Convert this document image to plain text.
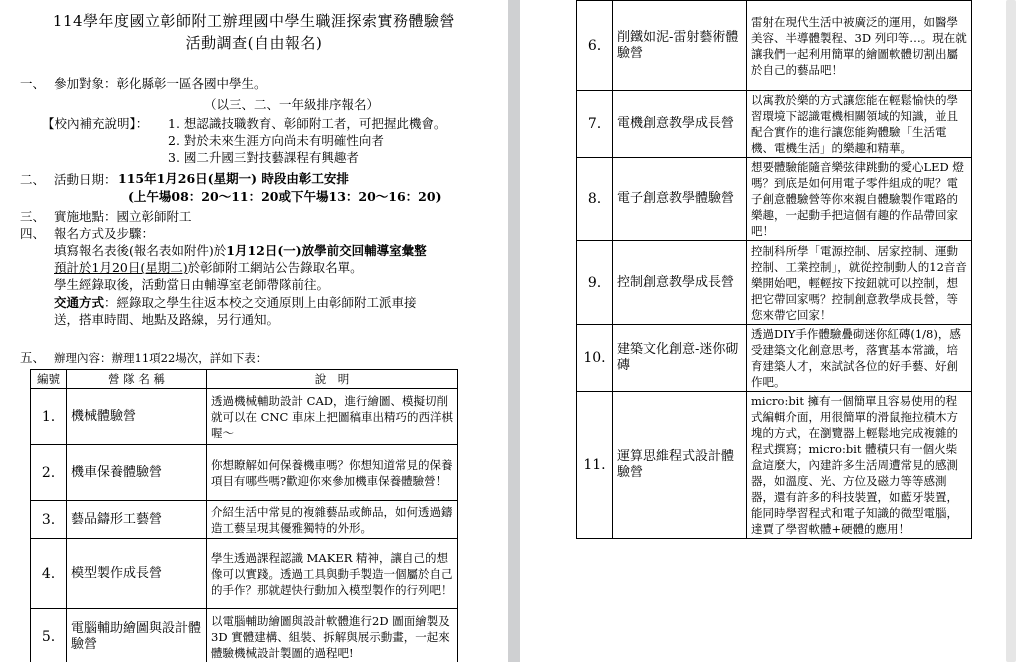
114學年度國立彰師附工辦理國中學生職涯探索實務體驗營
活動調查(自由報名)
一、 參加對象：彰化縣彰一區各國中學生。
（以三、二、一年級排序報名）
【校內補充說明】： 1. 想認識技職教育、彰師附工者，可把握此機會。
2. 對於未來生涯方向尚未有明確性向者
3. 國二升國三對技藝課程有興趣者
二、 活動日期： 115年1月26日(星期一) 時段由彰工安排
(上午場08：20～11：20或下午場13：20～16：20)
三、 實施地點：國立彰師附工
四、 報名方式及步驟：
填寫報名表後(報名表如附件)於1月12日(一)放學前交回輔導室彙整
預計於1月20日(星期二)於彰師附工網站公告錄取名單。
學生經錄取後，活動當日由輔導室老師帶隊前往。
交通方式：經錄取之學生往返本校之交通原則上由彰師附工派車接
送，搭車時間、地點及路線，另行通知。
五、 辦理內容：辦理11項22場次，詳如下表：
編號	營 隊 名 稱	說　明
1.	機械體驗營	透過機械輔助設計 CAD，進行繪圖、模擬切削就可以在 CNC 車床上把圖稿車出精巧的西洋棋喔～
2.	機車保養體驗營	你想瞭解如何保養機車嗎？你想知道常見的保養項目有哪些嗎?歡迎你來參加機車保養體驗營！
3.	藝品鑄形工藝營	介紹生活中常見的複雜藝品或飾品，如何透過鑄造工藝呈現其優雅獨特的外形。
4.	模型製作成長營	學生透過課程認識 MAKER 精神，讓自己的想像可以實踐。透過工具與動手製造一個屬於自己的手作？那就趕快行動加入模型製作的行列吧！
5.	電腦輔助繪圖與設計體驗營	以電腦輔助繪圖與設計軟體進行2D 圖面繪製及3D 實體建構、組裝、拆解與展示動畫，一起來體驗機械設計製圖的過程吧!
6.	削鐵如泥-雷射藝術體驗營	雷射在現代生活中被廣泛的運用，如醫學美容、半導體製程、3D 列印等…。現在就讓我們一起利用簡單的繪圖軟體切割出屬於自己的藝品吧！
7.	電機創意教學成長營	以寓教於樂的方式讓您能在輕鬆愉快的學習環境下認識電機相關領域的知識，並且配合實作的進行讓您能夠體驗「生活電機、電機生活」的樂趣和精華。
8.	電子創意教學體驗營	想要體驗能隨音樂弦律跳動的愛心LED 燈嗎？到底是如何用電子零件組成的呢？電子創意體驗營等你來親自體驗製作電路的樂趣，一起動手把這個有趣的作品帶回家吧！
9.	控制創意教學成長營	控制科所學「電源控制、居家控制、運動控制、工業控制」，就從控制動人的12音音樂開始吧，輕輕按下按鈕就可以控制，想把它帶回家嗎？控制創意教學成長營，等您來帶它回家！
10.	建築文化創意-迷你砌磚	透過DIY手作體驗疊砌迷你紅磚(1/8)，感受建築文化創意思考，落實基本常識，培育建築人才，來試試各位的好手藝、好創作吧。
11.	運算思維程式設計體驗營	micro:bit 擁有一個簡單且容易使用的程式編輯介面，用很簡單的滑鼠拖拉積木方塊的方式，在瀏覽器上輕鬆地完成複雜的程式撰寫；micro:bit 體積只有一個火柴盒這麼大，內建許多生活周遭常見的感測器，如溫度、光、方位及磁力等等感測器，還有許多的科技裝置，如藍牙裝置，能同時學習程式和電子知識的微型電腦，達賈了學習軟體+硬體的應用！
